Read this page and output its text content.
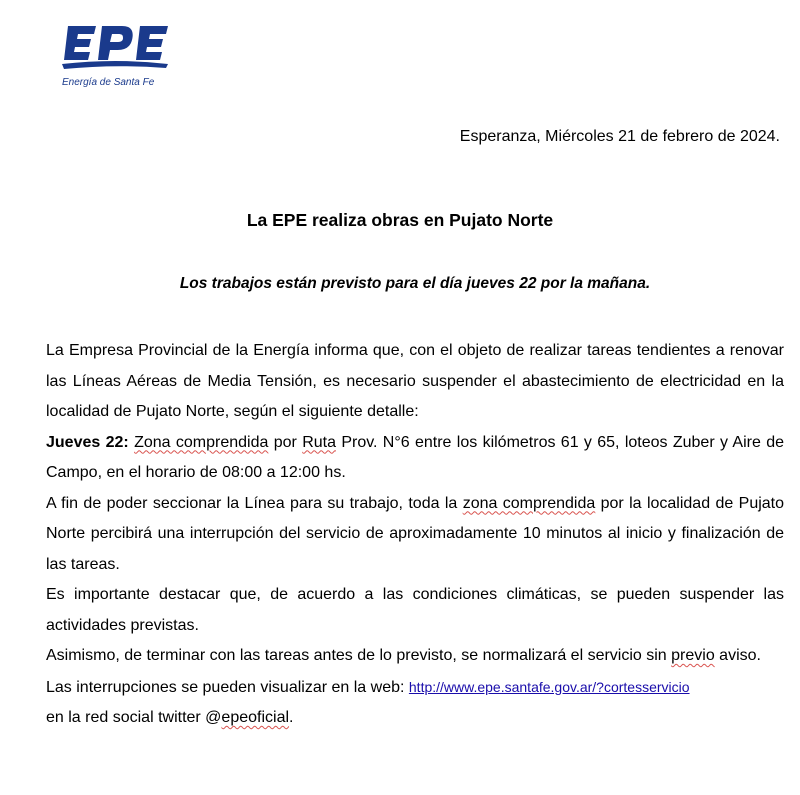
Energía de Santa Fe
Esperanza, Miércoles 21 de febrero de 2024.
La EPE realiza obras en Pujato Norte
Los trabajos están previsto para el día jueves 22 por la mañana.

La Empresa Provincial de la Energía informa que, con el objeto de realizar tareas tendientes a renovar las Líneas Aéreas de Media Tensión, es necesario suspender el abastecimiento de electricidad en la localidad de Pujato Norte, según el siguiente detalle:

Jueves 22: Zona comprendida por Ruta Prov. N°6 entre los kilómetros 61 y 65, loteos Zuber y Aire de Campo, en el horario de 08:00 a 12:00 hs.

A fin de poder seccionar la Línea para su trabajo, toda la zona comprendida por la localidad de Pujato Norte percibirá una interrupción del servicio de aproximadamente 10 minutos al inicio y finalización de las tareas.

Es importante destacar que, de acuerdo a las condiciones climáticas, se pueden suspender las actividades previstas.

Asimismo, de terminar con las tareas antes de lo previsto, se normalizará el servicio sin previo aviso.

Las interrupciones se pueden visualizar en la web: http://www.epe.santafe.gov.ar/?cortesservicio
en la red social twitter @epeoficial.
